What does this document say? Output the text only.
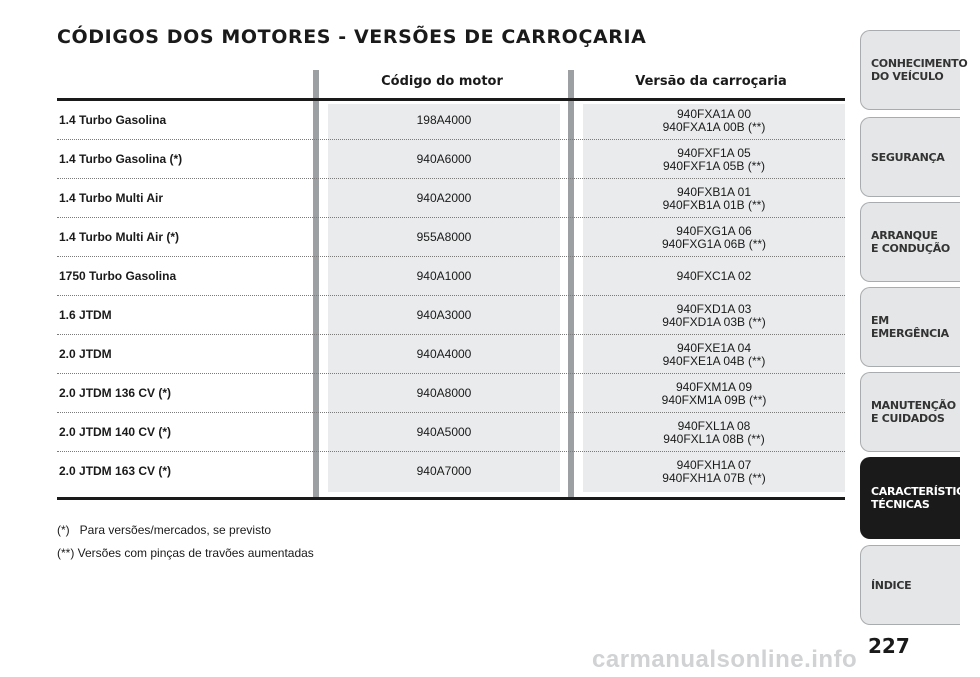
CÓDIGOS DOS MOTORES - VERSÕES DE CARROÇARIA
Código do motor	Versão da carroçaria
1.4 Turbo Gasolina	198A4000	940FXA1A 00
940FXA1A 00B (**)
1.4 Turbo Gasolina (*)	940A6000	940FXF1A 05
940FXF1A 05B (**)
1.4 Turbo Multi Air	940A2000	940FXB1A 01
940FXB1A 01B (**)
1.4 Turbo Multi Air (*)	955A8000	940FXG1A 06
940FXG1A 06B (**)
1750 Turbo Gasolina	940A1000	940FXC1A 02
1.6 JTDM	940A3000	940FXD1A 03
940FXD1A 03B (**)
2.0 JTDM	940A4000	940FXE1A 04
940FXE1A 04B (**)
2.0 JTDM 136 CV (*)	940A8000	940FXM1A 09
940FXM1A 09B (**)
2.0 JTDM 140 CV (*)	940A5000	940FXL1A 08
940FXL1A 08B (**)
2.0 JTDM 163 CV (*)	940A7000	940FXH1A 07
940FXH1A 07B (**)
(*)   Para versões/mercados, se previsto
(**) Versões com pinças de travões aumentadas
CONHECIMENTO
DO VEÍCULO
SEGURANÇA
ARRANQUE
E CONDUÇÃO
EM EMERGÊNCIA
MANUTENÇÃO
E CUIDADOS
CARACTERÍSTICAS
TÉCNICAS
ÍNDICE
227
carmanualsonline.info
